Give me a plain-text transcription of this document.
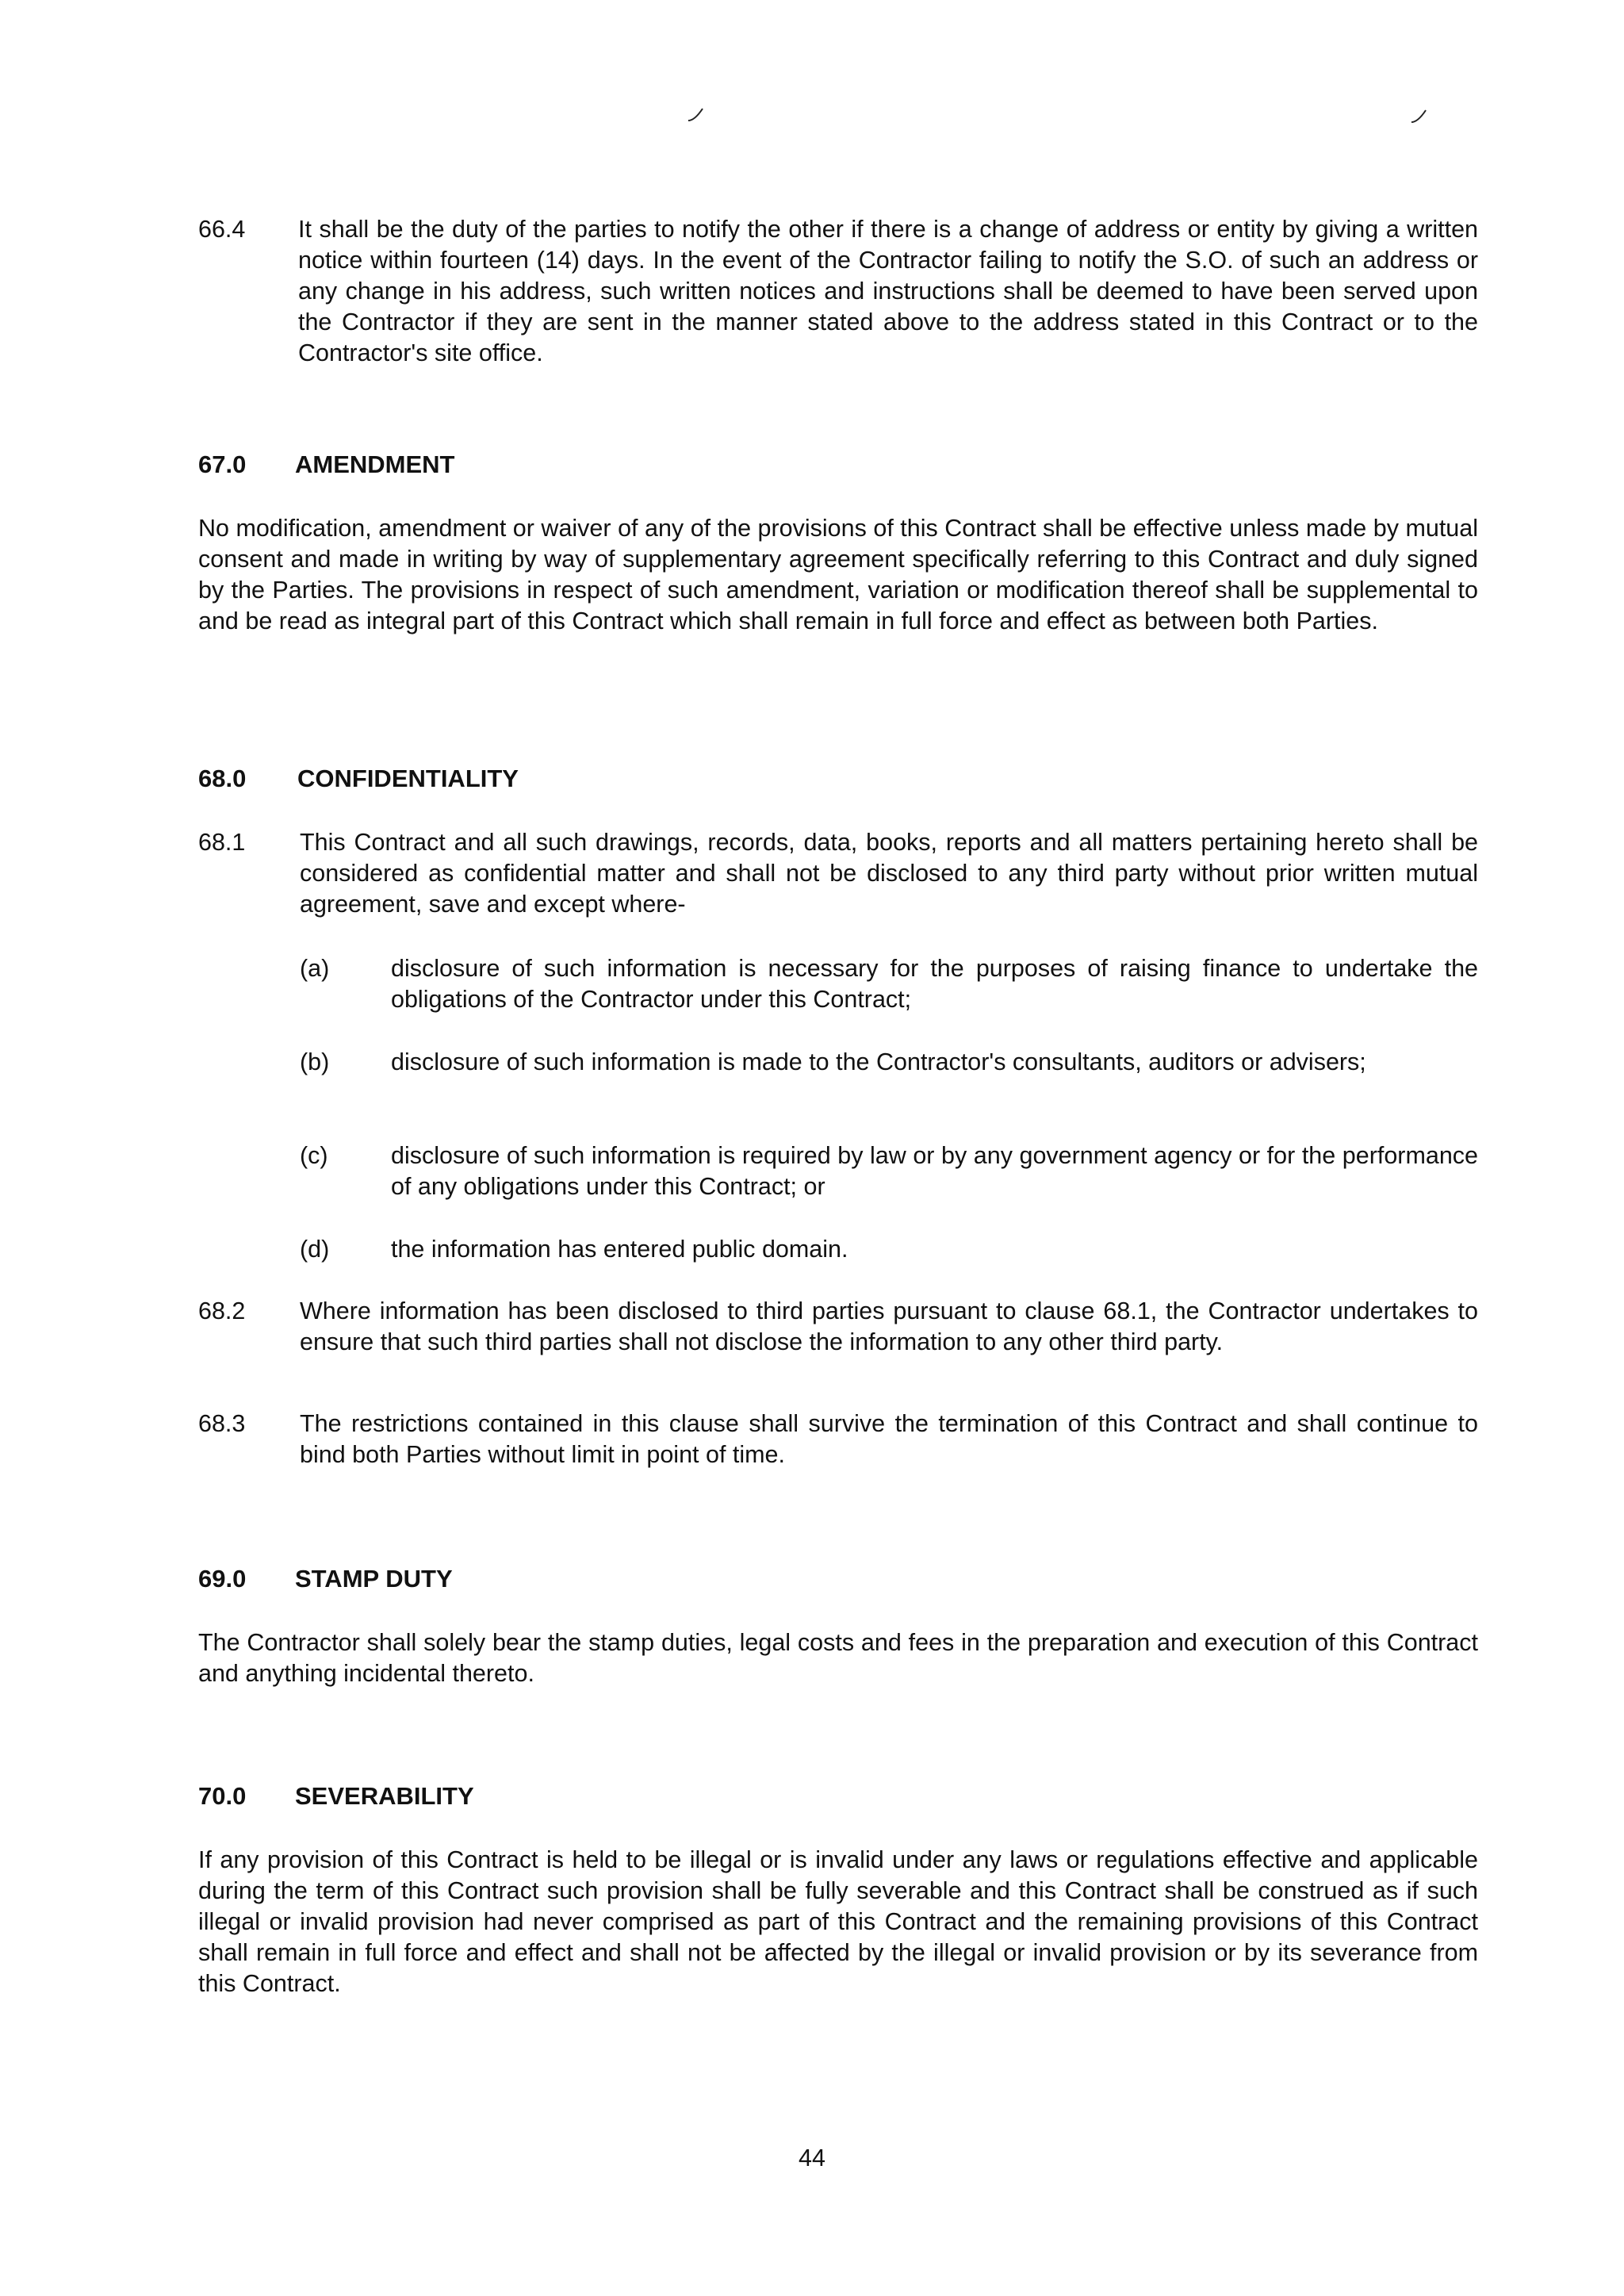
66.4 It shall be the duty of the parties to notify the other if there is a change of address or entity by giving a written notice within fourteen (14) days. In the event of the Contractor failing to notify the S.O. of such an address or any change in his address, such written notices and instructions shall be deemed to have been served upon the Contractor if they are sent in the manner stated above to the address stated in this Contract or to the Contractor's site office.
67.0 AMENDMENT
No modification, amendment or waiver of any of the provisions of this Contract shall be effective unless made by mutual consent and made in writing by way of supplementary agreement specifically referring to this Contract and duly signed by the Parties. The provisions in respect of such amendment, variation or modification thereof shall be supplemental to and be read as integral part of this Contract which shall remain in full force and effect as between both Parties.
68.0 CONFIDENTIALITY
68.1 This Contract and all such drawings, records, data, books, reports and all matters pertaining hereto shall be considered as confidential matter and shall not be disclosed to any third party without prior written mutual agreement, save and except where-
(a)	disclosure of such information is necessary for the purposes of raising finance to undertake the obligations of the Contractor under this Contract;
(b)	disclosure of such information is made to the Contractor's consultants, auditors or advisers;
(c)	disclosure of such information is required by law or by any government agency or for the performance of any obligations under this Contract; or
(d)	the information has entered public domain.
68.2 Where information has been disclosed to third parties pursuant to clause 68.1, the Contractor undertakes to ensure that such third parties shall not disclose the information to any other third party.
68.3 The restrictions contained in this clause shall survive the termination of this Contract and shall continue to bind both Parties without limit in point of time.
69.0 STAMP DUTY
The Contractor shall solely bear the stamp duties, legal costs and fees in the preparation and execution of this Contract and anything incidental thereto.
70.0 SEVERABILITY
If any provision of this Contract is held to be illegal or is invalid under any laws or regulations effective and applicable during the term of this Contract such provision shall be fully severable and this Contract shall be construed as if such illegal or invalid provision had never comprised as part of this Contract and the remaining provisions of this Contract shall remain in full force and effect and shall not be affected by the illegal or invalid provision or by its severance from this Contract.
44
